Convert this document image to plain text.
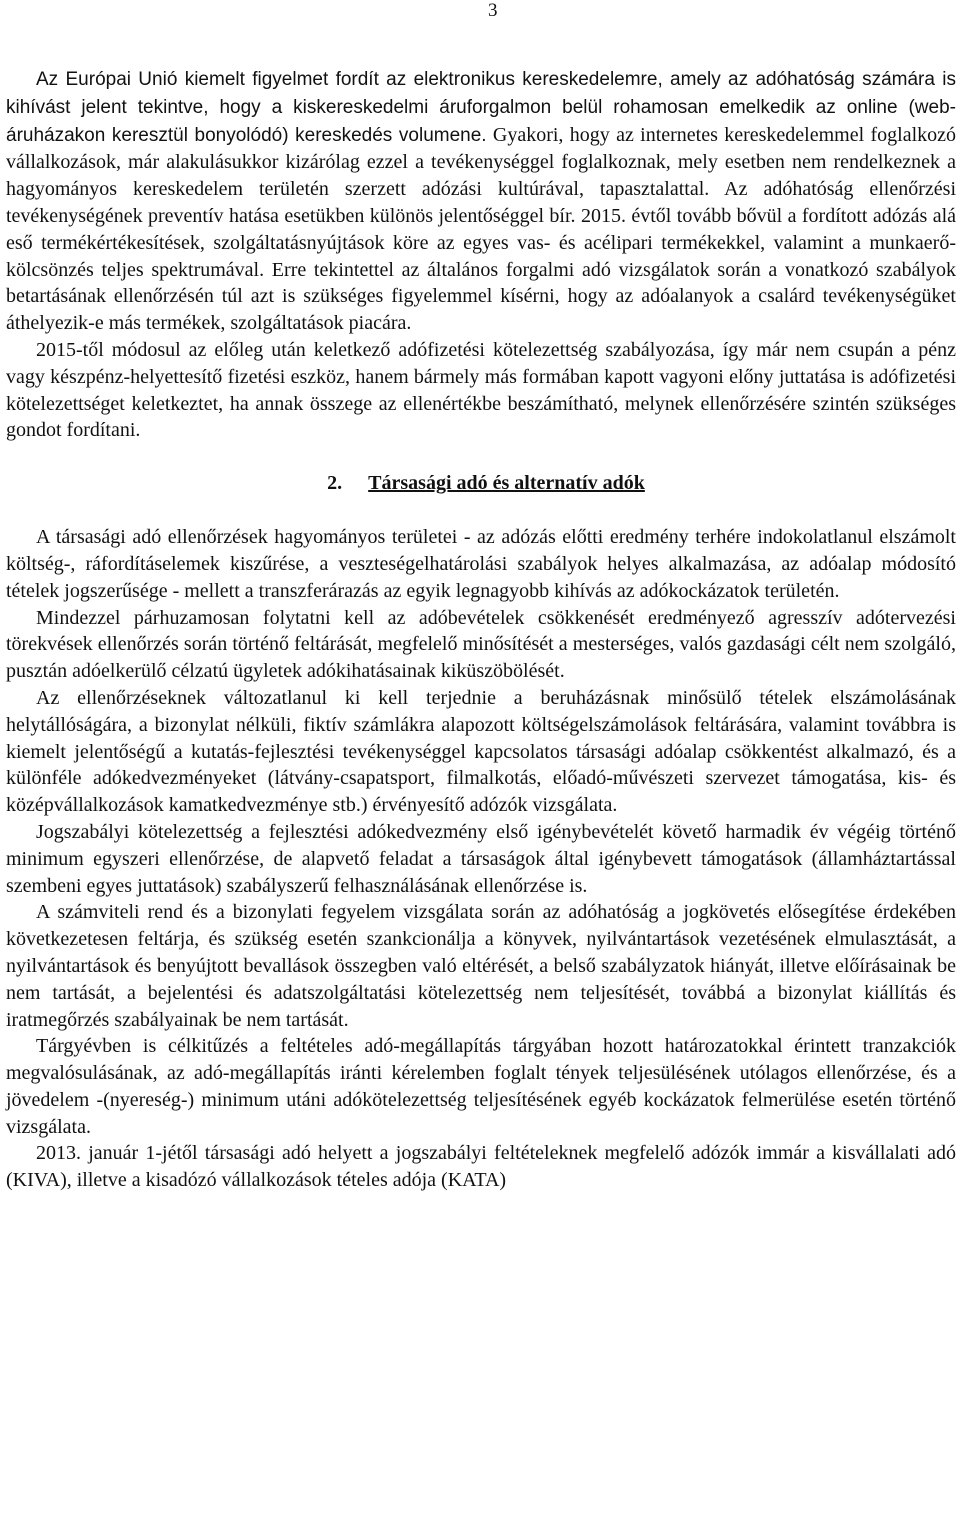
3

Az Európai Unió kiemelt figyelmet fordít az elektronikus kereskedelemre, amely az adóhatóság számára is kihívást jelent tekintve, hogy a kiskereskedelmi áruforgalmon belül rohamosan emelkedik az online (web-áruházakon keresztül bonyolódó) kereskedés volumene. Gyakori, hogy az internetes kereskedelemmel foglalkozó vállalkozások, már alakulásukkor kizárólag ezzel a tevékenységgel foglalkoznak, mely esetben nem rendelkeznek a hagyományos kereskedelem területén szerzett adózási kultúrával, tapasztalattal. Az adóhatóság ellenőrzési tevékenységének preventív hatása esetükben különös jelentőséggel bír. 2015. évtől tovább bővül a fordított adózás alá eső termékértékesítések, szolgáltatásnyújtások köre az egyes vas- és acélipari termékekkel, valamint a munkaerő-kölcsönzés teljes spektrumával. Erre tekintettel az általános forgalmi adó vizsgálatok során a vonatkozó szabályok betartásának ellenőrzésén túl azt is szükséges figyelemmel kísérni, hogy az adóalanyok a csalárd tevékenységüket áthelyezik-e más termékek, szolgáltatások piacára.

2015-től módosul az előleg után keletkező adófizetési kötelezettség szabályozása, így már nem csupán a pénz vagy készpénz-helyettesítő fizetési eszköz, hanem bármely más formában kapott vagyoni előny juttatása is adófizetési kötelezettséget keletkeztet, ha annak összege az ellenértékbe beszámítható, melynek ellenőrzésére szintén szükséges gondot fordítani.

2. Társasági adó és alternatív adók

A társasági adó ellenőrzések hagyományos területei - az adózás előtti eredmény terhére indokolatlanul elszámolt költség-, ráfordításelemek kiszűrése, a veszteségelhatárolási szabályok helyes alkalmazása, az adóalap módosító tételek jogszerűsége - mellett a transzferárazás az egyik legnagyobb kihívás az adókockázatok területén.

Mindezzel párhuzamosan folytatni kell az adóbevételek csökkenését eredményező agresszív adótervezési törekvések ellenőrzés során történő feltárását, megfelelő minősítését a mesterséges, valós gazdasági célt nem szolgáló, pusztán adóelkerülő célzatú ügyletek adókihatásainak kiküszöbölését.

Az ellenőrzéseknek változatlanul ki kell terjednie a beruházásnak minősülő tételek elszámolásának helytállóságára, a bizonylat nélküli, fiktív számlákra alapozott költségelszámolások feltárására, valamint továbbra is kiemelt jelentőségű a kutatás-fejlesztési tevékenységgel kapcsolatos társasági adóalap csökkentést alkalmazó, és a különféle adókedvezményeket (látvány-csapatsport, filmalkotás, előadó-művészeti szervezet támogatása, kis- és középvállalkozások kamatkedvezménye stb.) érvényesítő adózók vizsgálata.

Jogszabályi kötelezettség a fejlesztési adókedvezmény első igénybevételét követő harmadik év végéig történő minimum egyszeri ellenőrzése, de alapvető feladat a társaságok által igénybevett támogatások (államháztartással szembeni egyes juttatások) szabályszerű felhasználásának ellenőrzése is.

A számviteli rend és a bizonylati fegyelem vizsgálata során az adóhatóság a jogkövetés elősegítése érdekében következetesen feltárja, és szükség esetén szankcionálja a könyvek, nyilvántartások vezetésének elmulasztását, a nyilvántartások és benyújtott bevallások összegben való eltérését, a belső szabályzatok hiányát, illetve előírásainak be nem tartását, a bejelentési és adatszolgáltatási kötelezettség nem teljesítését, továbbá a bizonylat kiállítás és iratmegőrzés szabályainak be nem tartását.

Tárgyévben is célkitűzés a feltételes adó-megállapítás tárgyában hozott határozatokkal érintett tranzakciók megvalósulásának, az adó-megállapítás iránti kérelemben foglalt tények teljesülésének utólagos ellenőrzése, és a jövedelem -(nyereség-) minimum utáni adókötelezettség teljesítésének egyéb kockázatok felmerülése esetén történő vizsgálata.

2013. január 1-jétől társasági adó helyett a jogszabályi feltételeknek megfelelő adózók immár a kisvállalati adó (KIVA), illetve a kisadózó vállalkozások tételes adója (KATA)
